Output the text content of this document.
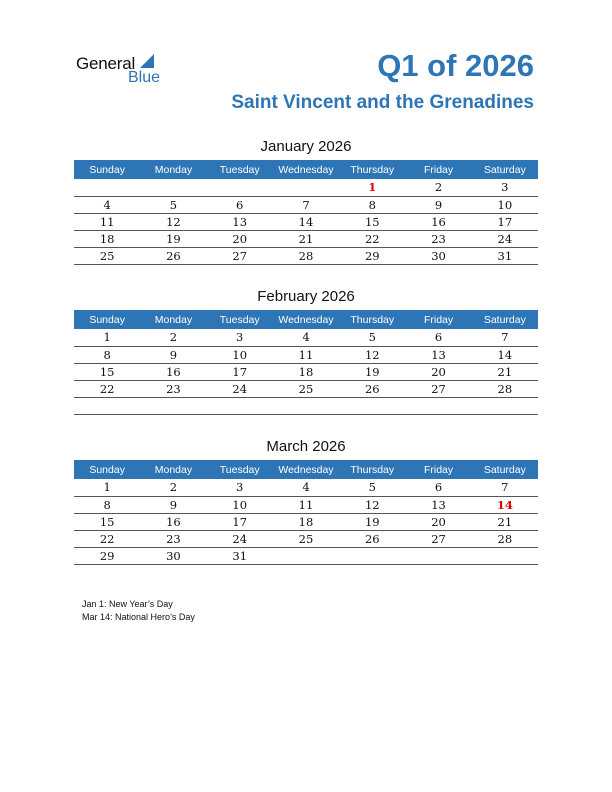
General
Blue	Q1 of 2026
Saint Vincent and the Grenadines
January 2026
Sunday	Monday	Tuesday	Wednesday	Thursday	Friday	Saturday
				1	2	3
4	5	6	7	8	9	10
11	12	13	14	15	16	17
18	19	20	21	22	23	24
25	26	27	28	29	30	31
February 2026
Sunday	Monday	Tuesday	Wednesday	Thursday	Friday	Saturday
1	2	3	4	5	6	7
8	9	10	11	12	13	14
15	16	17	18	19	20	21
22	23	24	25	26	27	28

March 2026
Sunday	Monday	Tuesday	Wednesday	Thursday	Friday	Saturday
1	2	3	4	5	6	7
8	9	10	11	12	13	14
15	16	17	18	19	20	21
22	23	24	25	26	27	28
29	30	31				
Jan 1: New Year’s Day
Mar 14: National Hero’s Day
